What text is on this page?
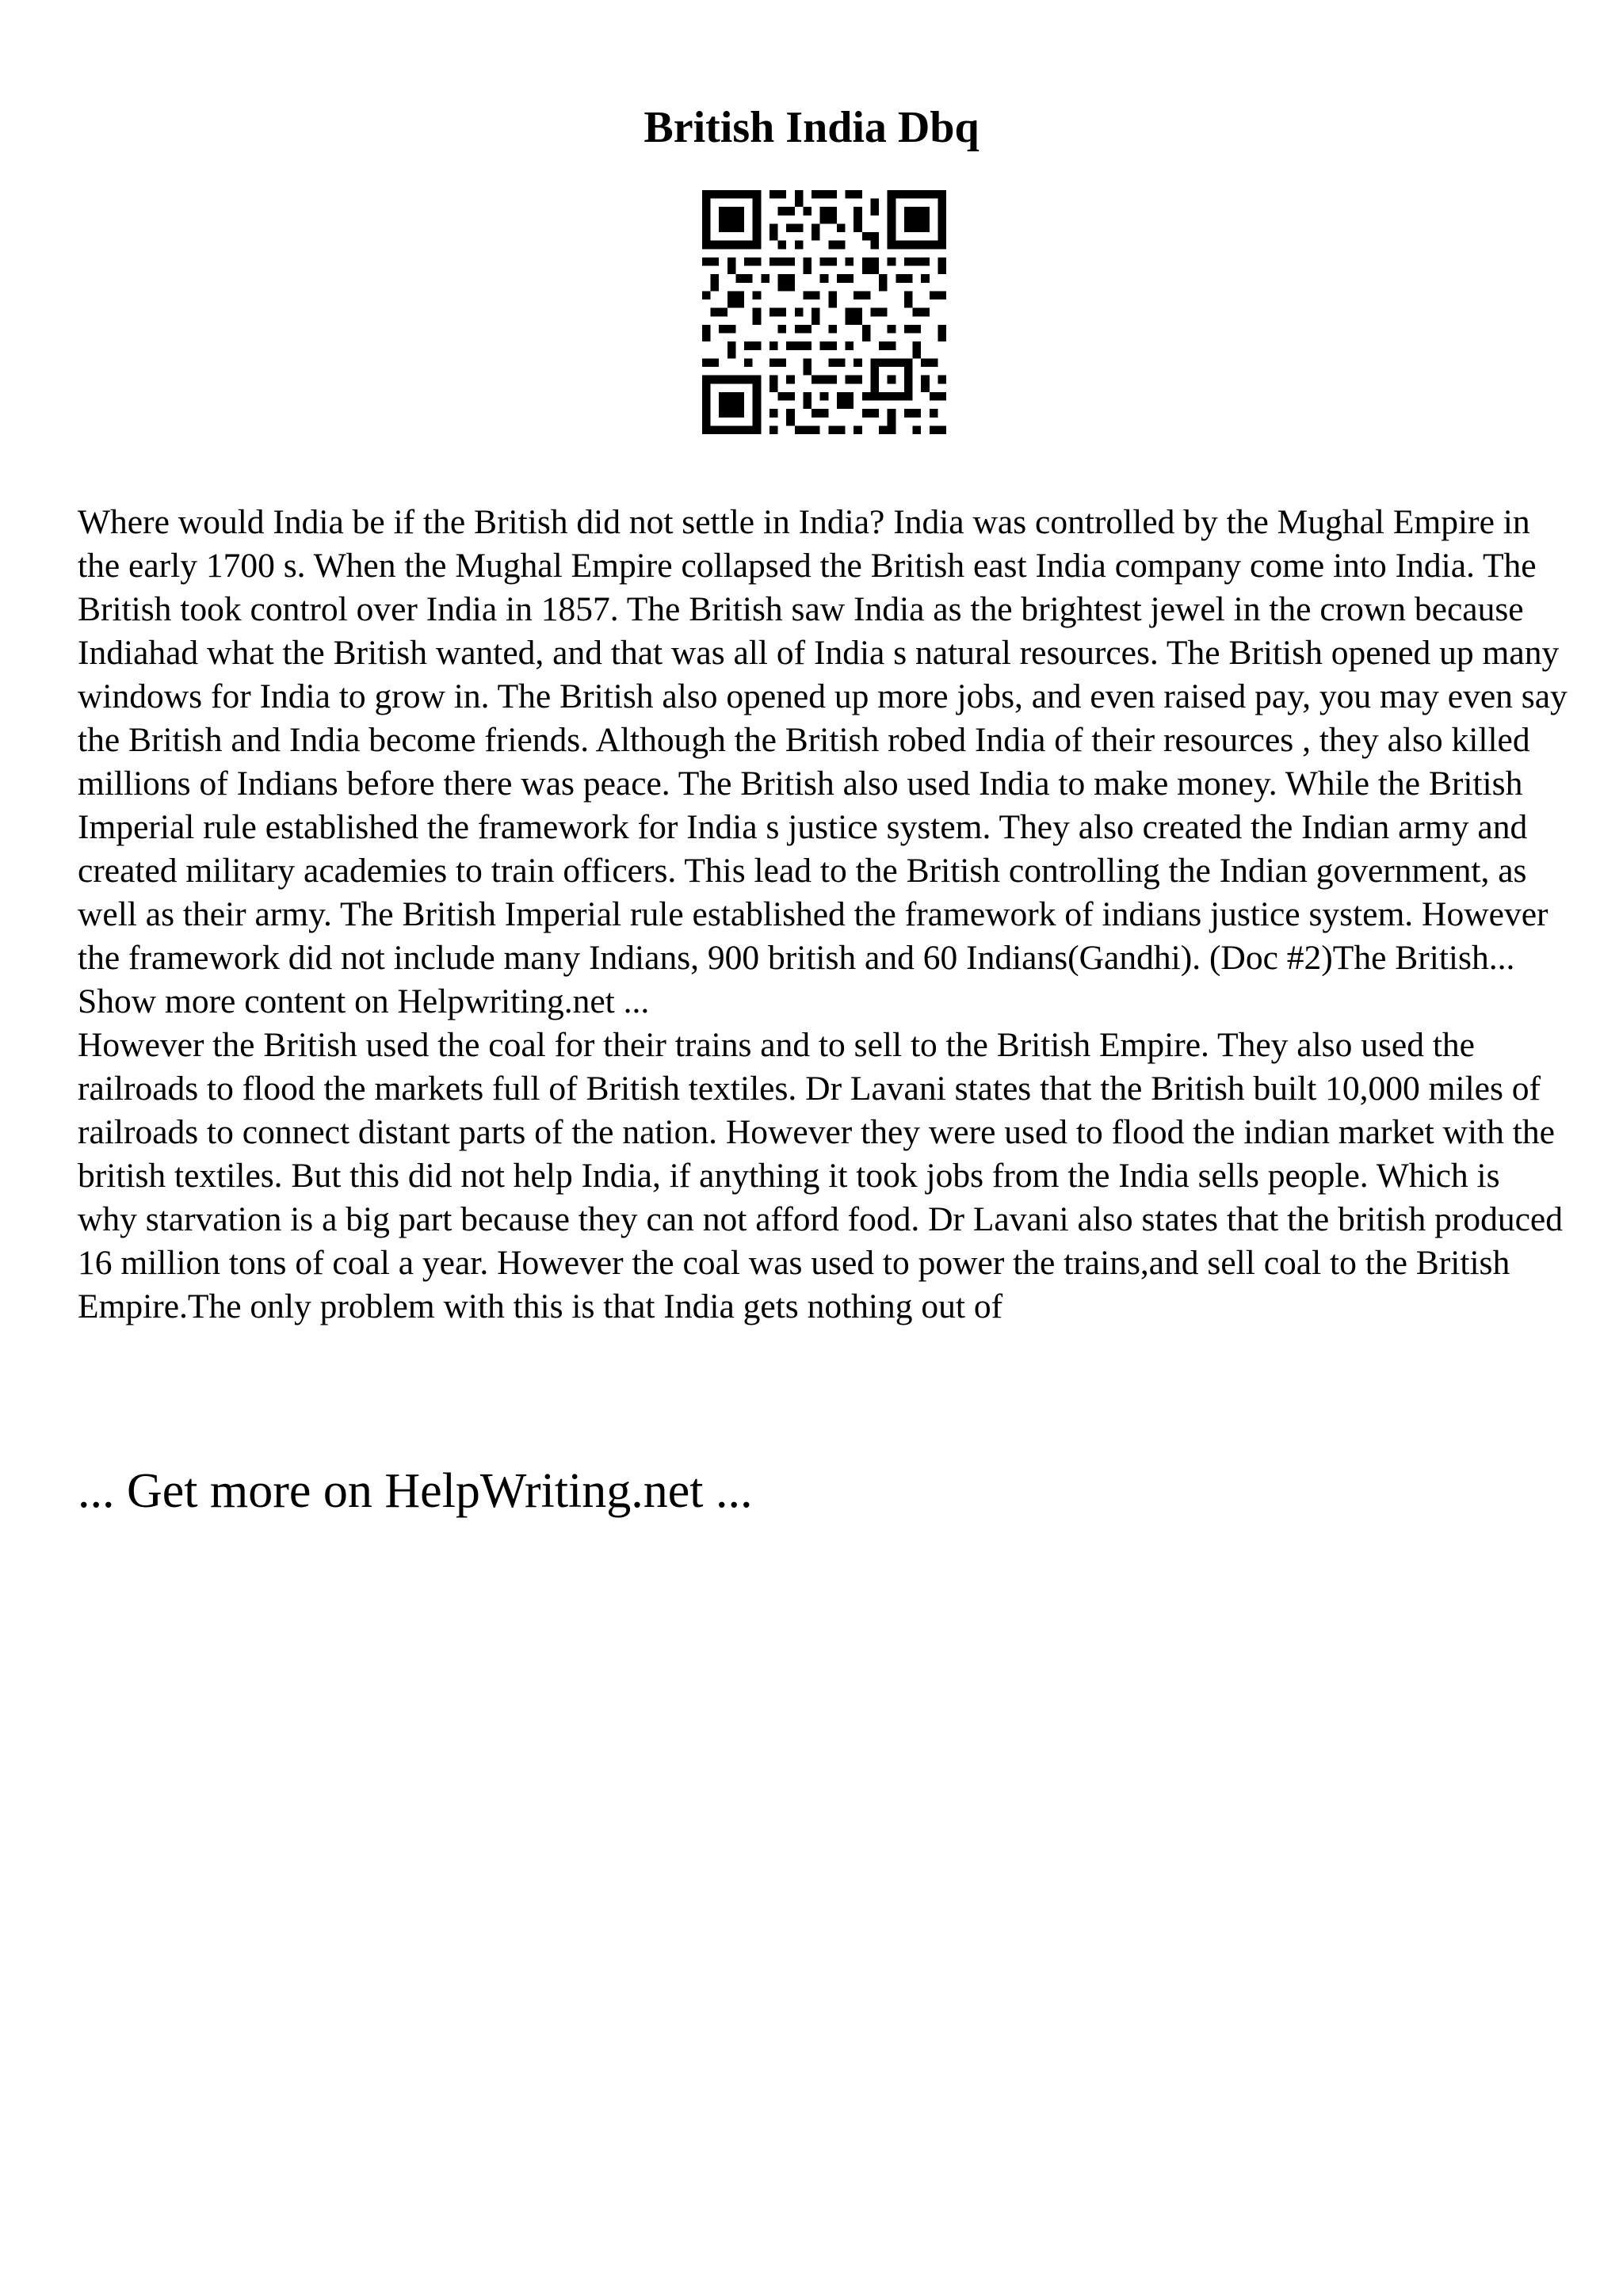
British India Dbq

Where would India be if the British did not settle in India? India was controlled by the Mughal Empire in the early 1700 s. When the Mughal Empire collapsed the British east India company come into India. The British took control over India in 1857. The British saw India as the brightest jewel in the crown because Indiahad what the British wanted, and that was all of India s natural resources. The British opened up many windows for India to grow in. The British also opened up more jobs, and even raised pay, you may even say the British and India become friends. Although the British robed India of their resources , they also killed millions of Indians before there was peace. The British also used India to make money. While the British Imperial rule established the framework for India s justice system. They also created the Indian army and created military academies to train officers. This lead to the British controlling the Indian government, as well as their army. The British Imperial rule established the framework of indians justice system. However the framework did not include many Indians, 900 british and 60 Indians(Gandhi). (Doc #2)The British... Show more content on Helpwriting.net ...

However the British used the coal for their trains and to sell to the British Empire. They also used the railroads to flood the markets full of British textiles. Dr Lavani states that the British built 10,000 miles of railroads to connect distant parts of the nation. However they were used to flood the indian market with the british textiles. But this did not help India, if anything it took jobs from the India sells people. Which is why starvation is a big part because they can not afford food. Dr Lavani also states that the british produced 16 million tons of coal a year. However the coal was used to power the trains,and sell coal to the British Empire.The only problem with this is that India gets nothing out of

... Get more on HelpWriting.net ...
